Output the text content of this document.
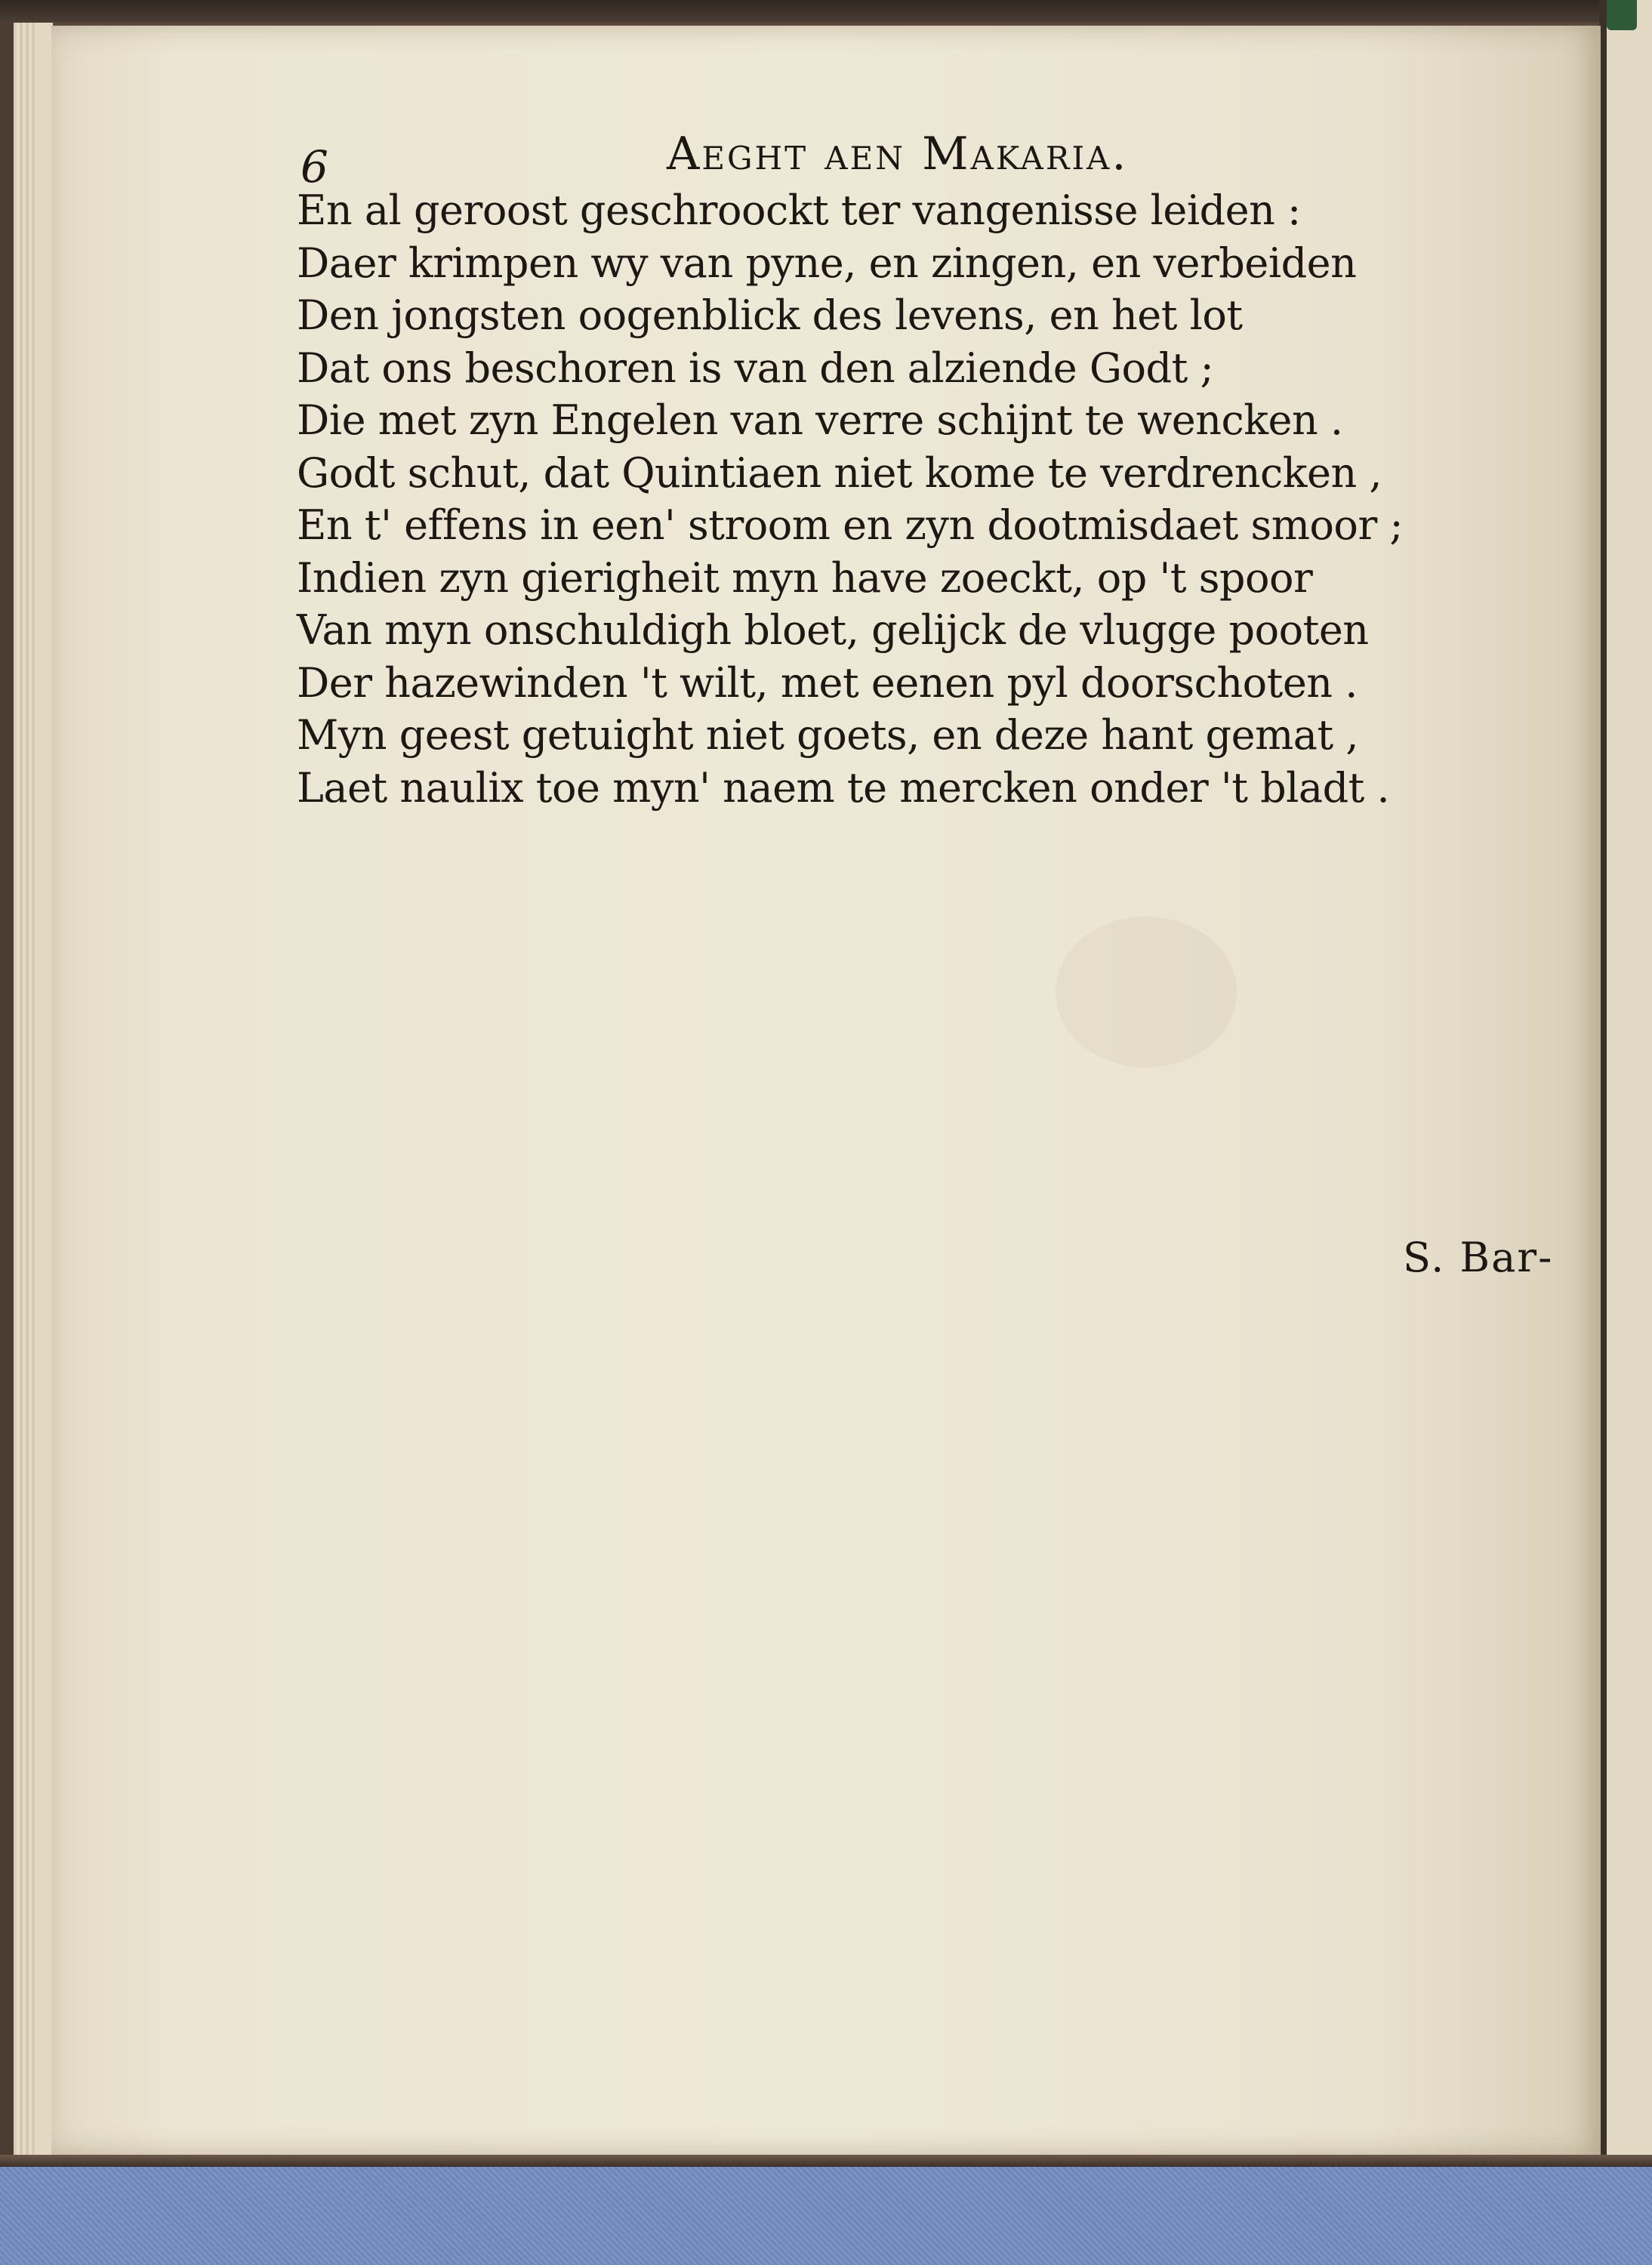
6	Aeght aen Makaria.
En al geroost geschroockt ter vangenisse leiden :
Daer krimpen wy van pyne, en zingen, en verbeiden
Den jongsten oogenblick des levens, en het lot
Dat ons beschoren is van den alziende Godt ;
Die met zyn Engelen van verre schijnt te wencken .
Godt schut, dat Quintiaen niet kome te verdrencken ,
En t' effens in een' stroom en zyn dootmisdaet smoor ;
Indien zyn gierigheit myn have zoeckt, op 't spoor
Van myn onschuldigh bloet, gelijck de vlugge pooten
Der hazewinden 't wilt, met eenen pyl doorschoten .
Myn geest getuight niet goets, en deze hant gemat ,
Laet naulix toe myn' naem te mercken onder 't bladt .
S. Bar-
